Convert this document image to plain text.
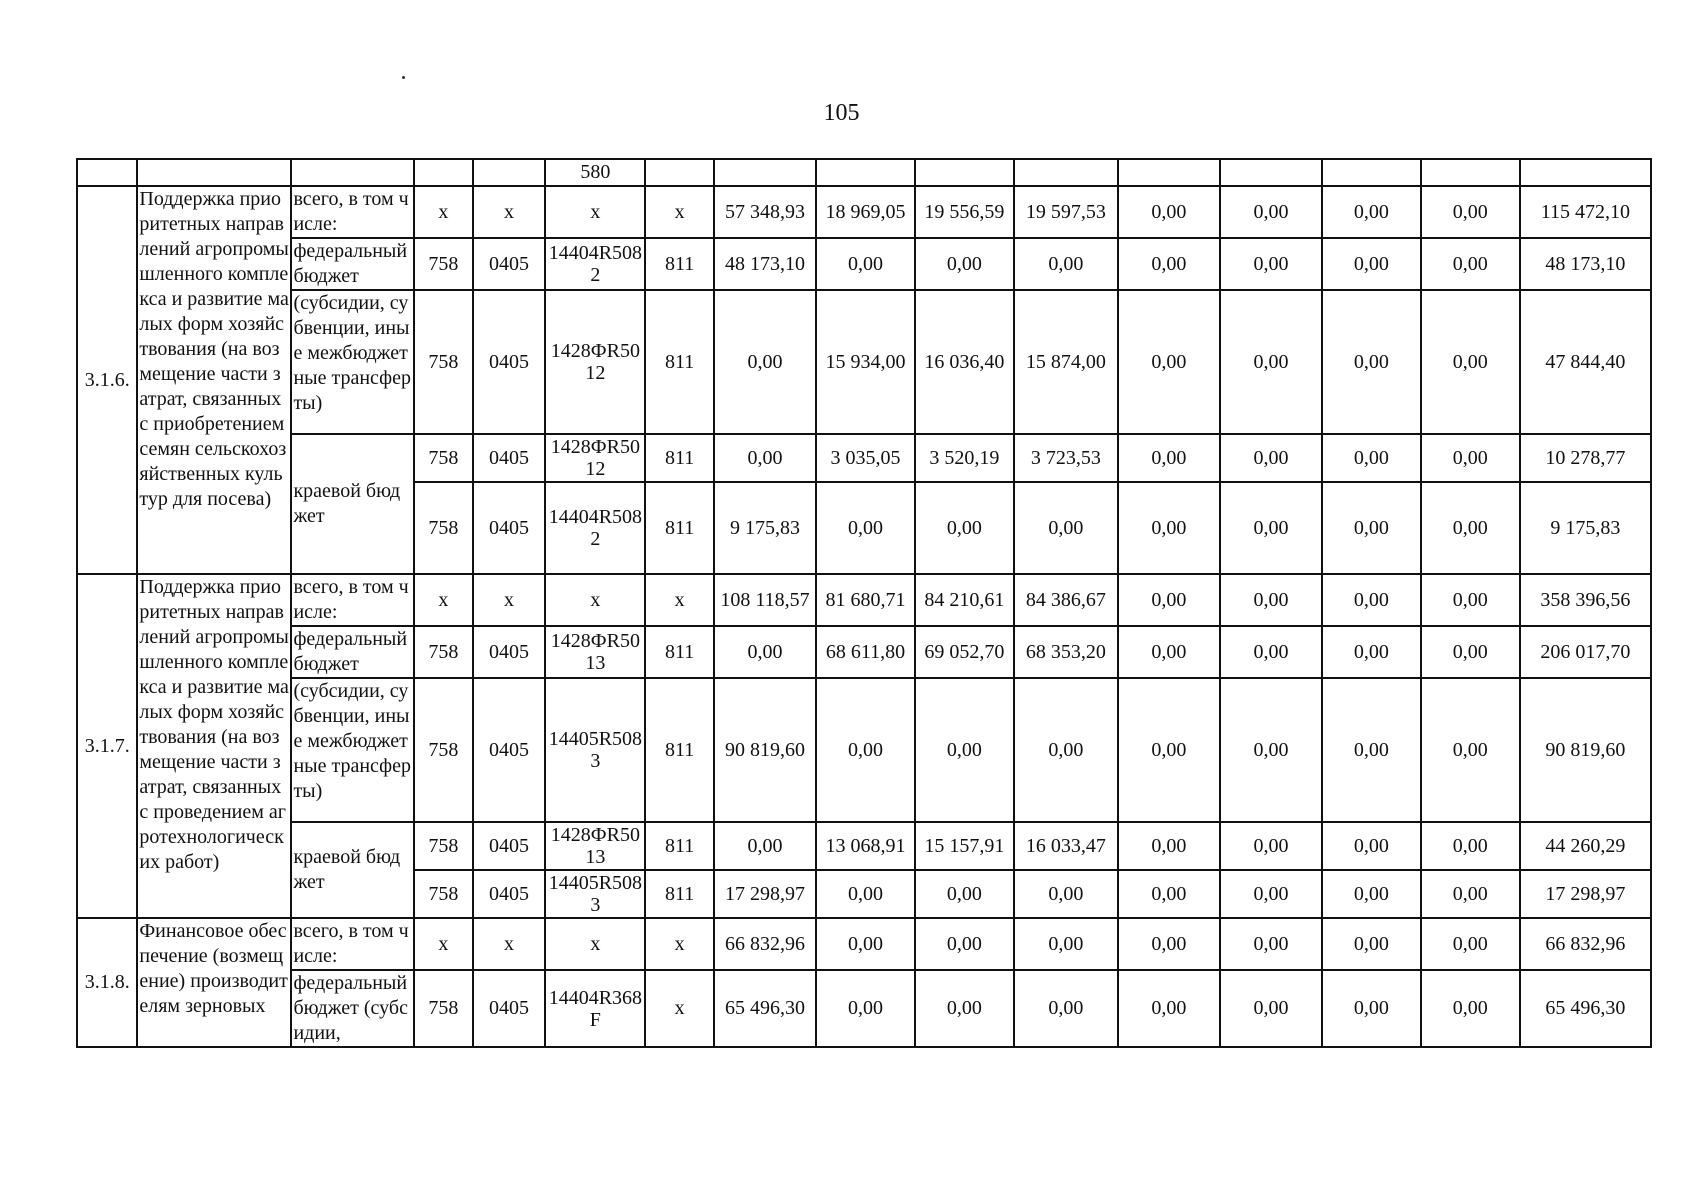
105
					580										
3.1.6.	Поддержка приоритетных направлений агропромышленного комплекса и развитие малых форм хозяйствования (на возмещение части затрат, связанных с приобретением семян сельскохозяйственных культур для посева)	всего, в том числе:	х	х	х	х	57 348,93	18 969,05	19 556,59	19 597,53	0,00	0,00	0,00	0,00	115 472,10
		федеральный бюджет	758	0405	14404R5082	811	48 173,10	0,00	0,00	0,00	0,00	0,00	0,00	0,00	48 173,10
		(субсидии, субвенции, иные межбюджетные трансферты)	758	0405	1428ФR5012	811	0,00	15 934,00	16 036,40	15 874,00	0,00	0,00	0,00	0,00	47 844,40
		краевой бюджет	758	0405	1428ФR5012	811	0,00	3 035,05	3 520,19	3 723,53	0,00	0,00	0,00	0,00	10 278,77
			758	0405	14404R5082	811	9 175,83	0,00	0,00	0,00	0,00	0,00	0,00	0,00	9 175,83
3.1.7.	Поддержка приоритетных направлений агропромышленного комплекса и развитие малых форм хозяйствования (на возмещение части затрат, связанных с проведением агротехнологических работ)	всего, в том числе:	х	х	х	х	108 118,57	81 680,71	84 210,61	84 386,67	0,00	0,00	0,00	0,00	358 396,56
		федеральный бюджет	758	0405	1428ФR5013	811	0,00	68 611,80	69 052,70	68 353,20	0,00	0,00	0,00	0,00	206 017,70
		(субсидии, субвенции, иные межбюджетные трансферты)	758	0405	14405R5083	811	90 819,60	0,00	0,00	0,00	0,00	0,00	0,00	0,00	90 819,60
		краевой бюджет	758	0405	1428ФR5013	811	0,00	13 068,91	15 157,91	16 033,47	0,00	0,00	0,00	0,00	44 260,29
			758	0405	14405R5083	811	17 298,97	0,00	0,00	0,00	0,00	0,00	0,00	0,00	17 298,97
3.1.8.	Финансовое обеспечение (возмещение) производителям зерновых	всего, в том числе:	х	х	х	х	66 832,96	0,00	0,00	0,00	0,00	0,00	0,00	0,00	66 832,96
		федеральный бюджет (субсидии,	758	0405	14404R368F	х	65 496,30	0,00	0,00	0,00	0,00	0,00	0,00	0,00	65 496,30
